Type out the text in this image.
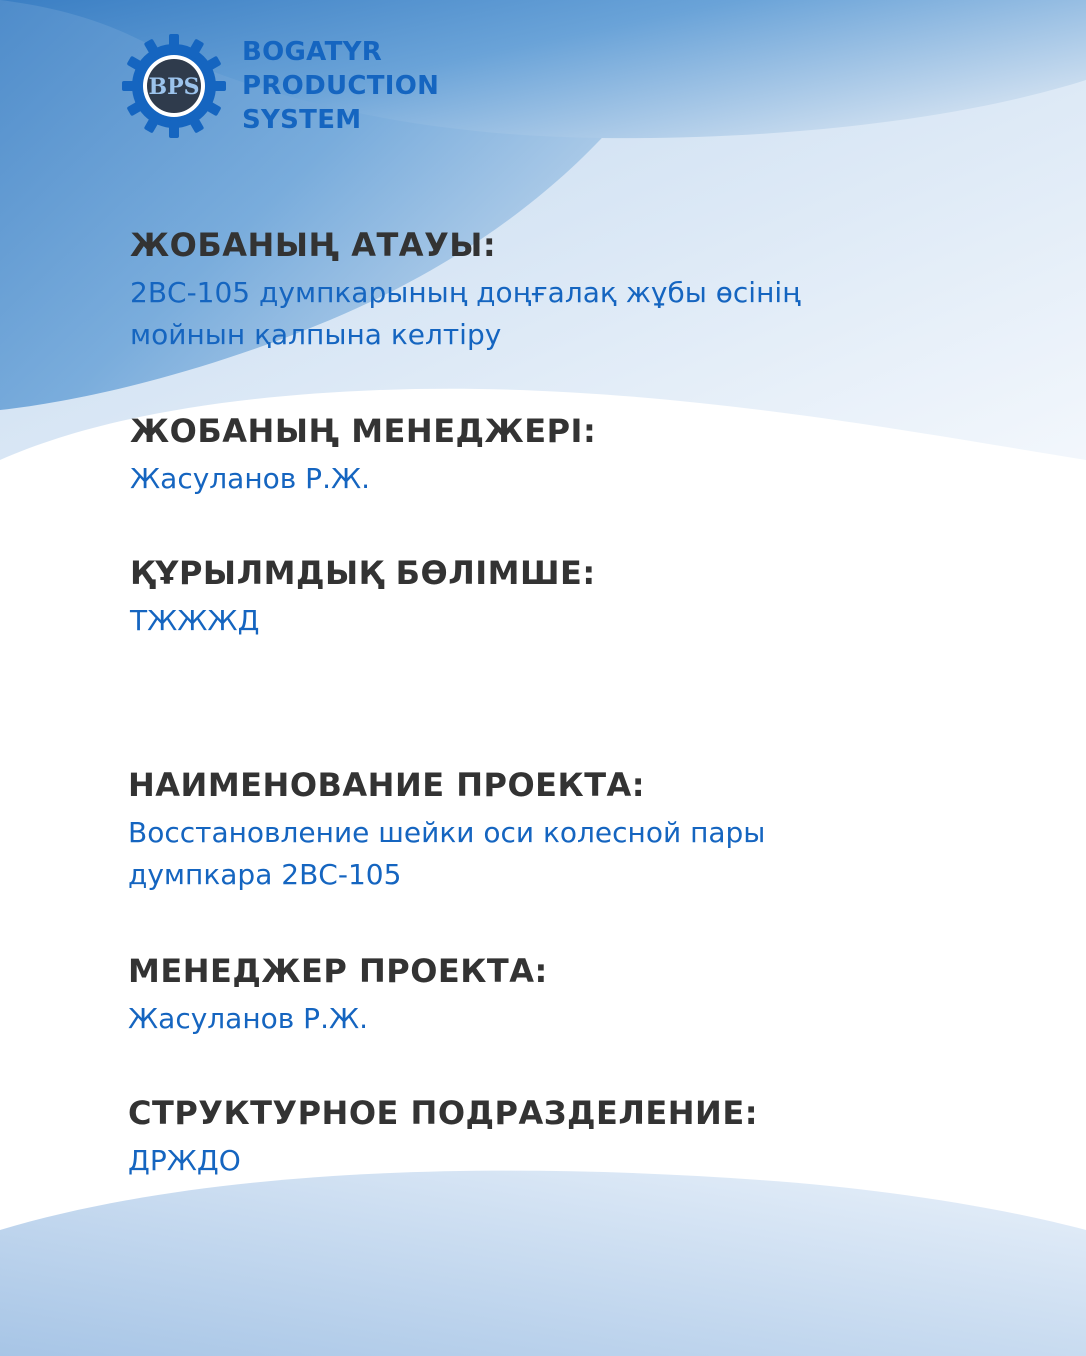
BPS
BOGATYR
PRODUCTION
SYSTEM
ЖОБАНЫҢ АТАУЫ:
2ВС-105 думпкарының доңғалақ жұбы өсінің
мойнын қалпына келтіру
ЖОБАНЫҢ МЕНЕДЖЕРІ:
Жасуланов Р.Ж.
ҚҰРЫЛМДЫҚ БӨЛІМШЕ:
ТЖЖЖД
НАИМЕНОВАНИЕ ПРОЕКТА:
Восстановление шейки оси колесной пары
думпкара 2ВС-105
МЕНЕДЖЕР ПРОЕКТА:
Жасуланов Р.Ж.
СТРУКТУРНОЕ ПОДРАЗДЕЛЕНИЕ:
ДРЖДО
